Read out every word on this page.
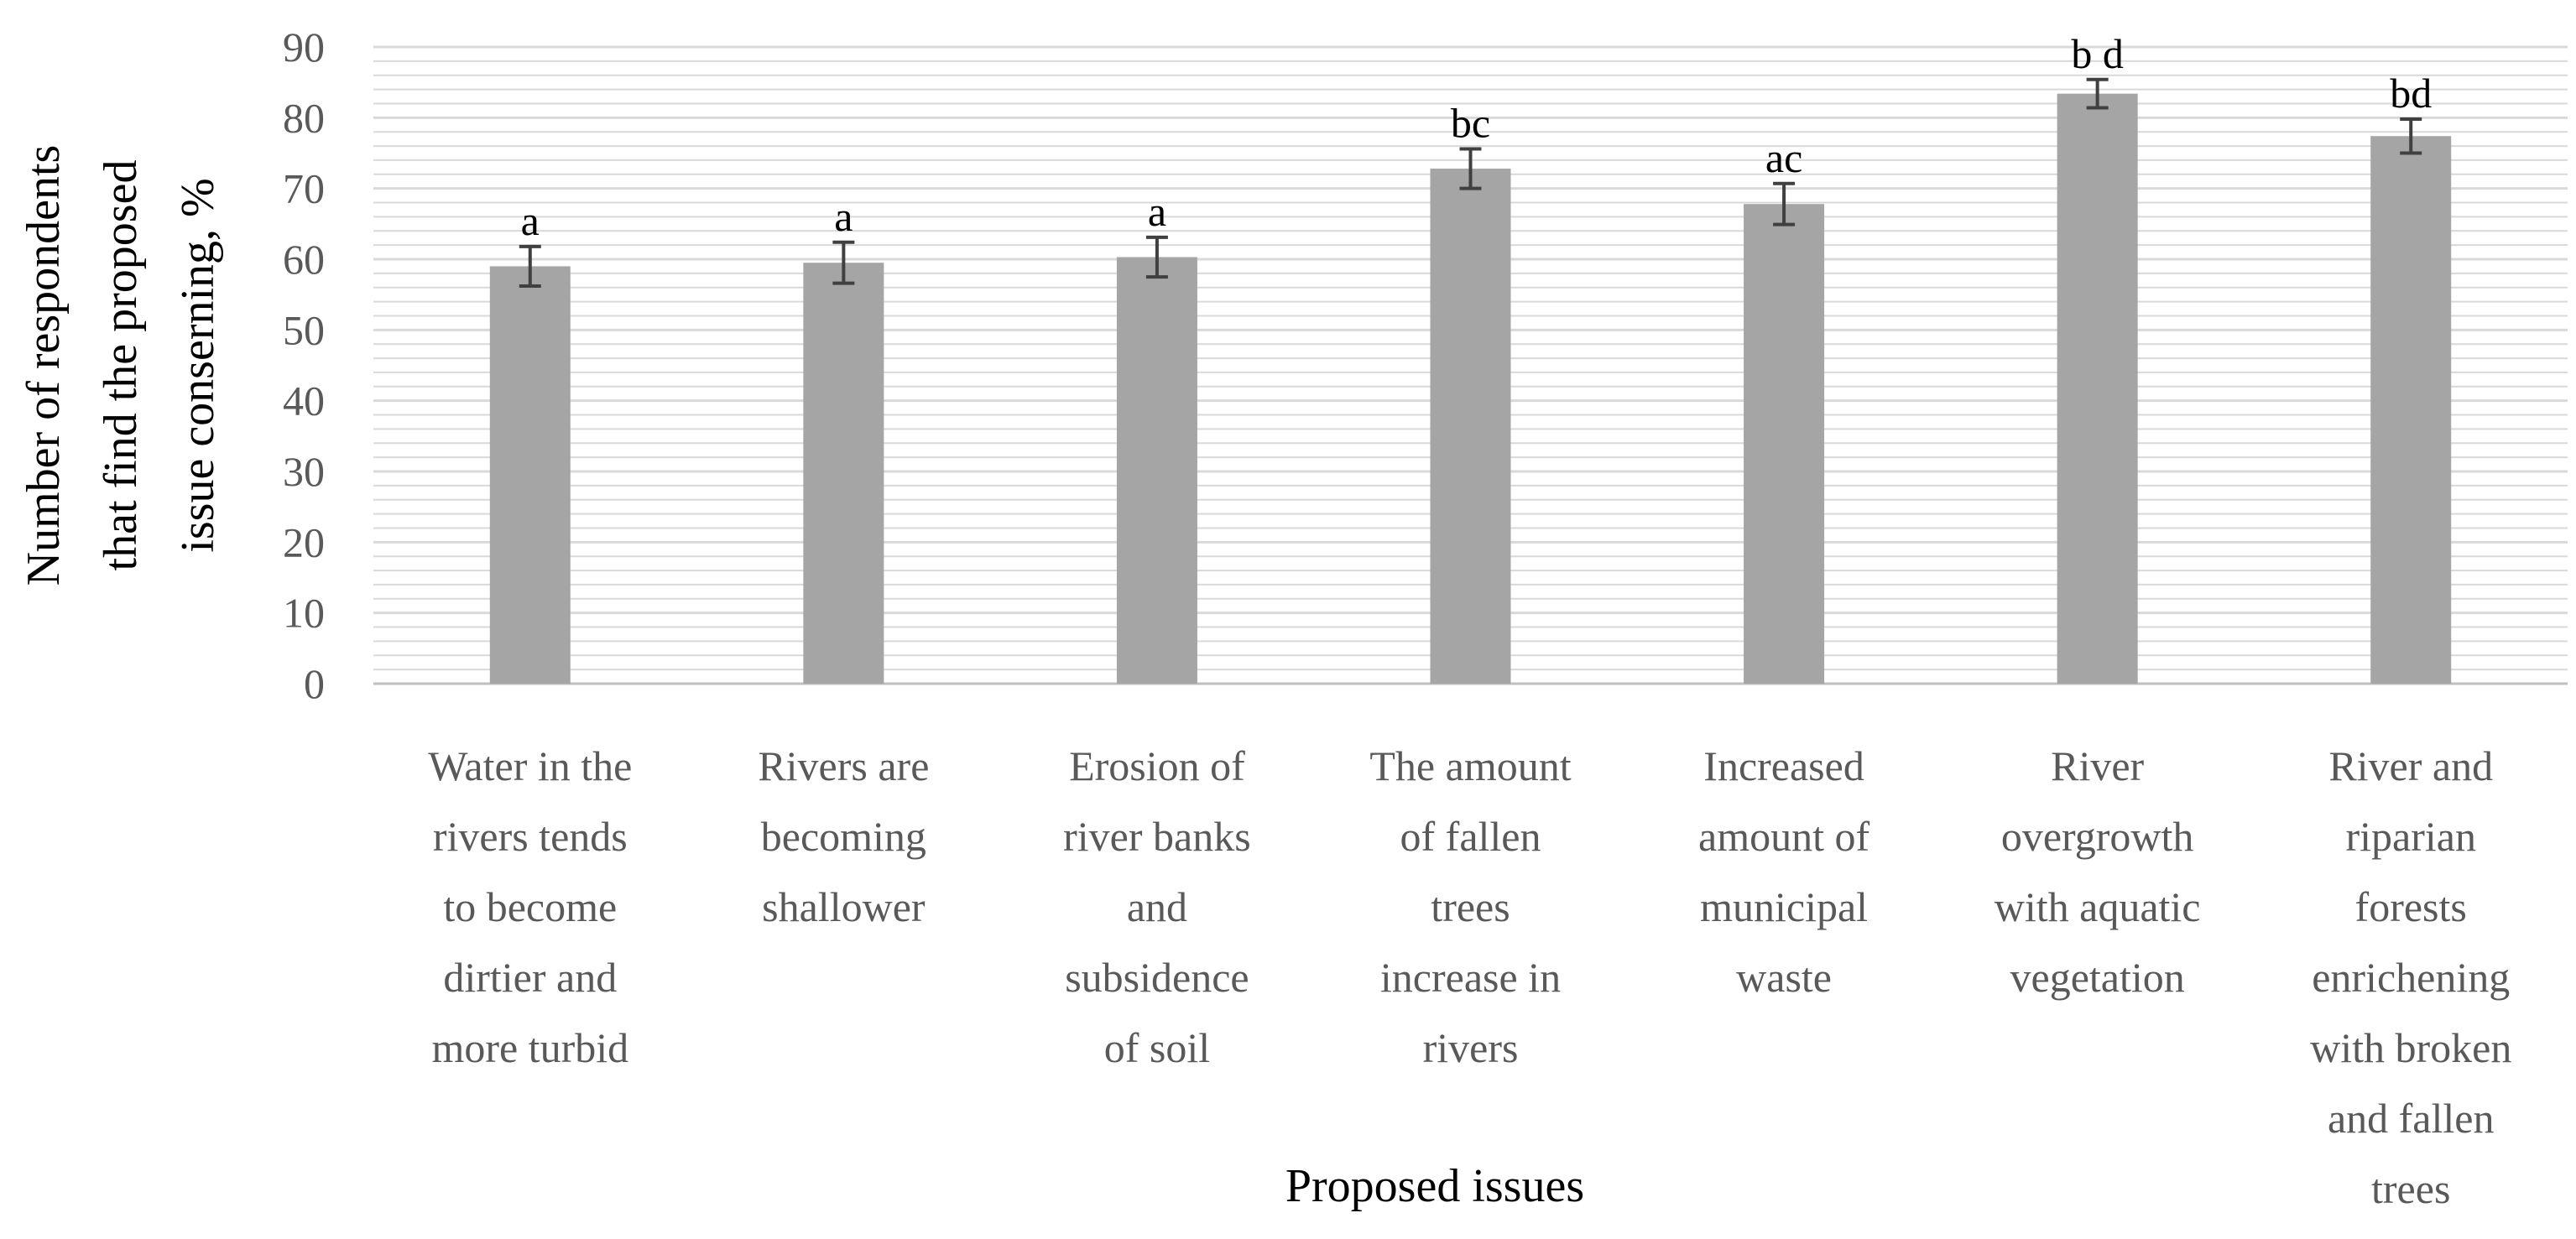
0
10
20
30
40
50
60
70
80
90
a	a	a
bc
ac
b d
bd
Water in the rivers tends to become dirtier and more turbid
Rivers are becoming shallower
Erosion of river banks and subsidence of soil
The amount of fallen trees increase in rivers
Increased amount of municipal waste
River overgrowth with aquatic vegetation
River and riparian forests enrichening with broken and fallen trees
Number of respondents that find the proposed issue conserning, %
Proposed issues
